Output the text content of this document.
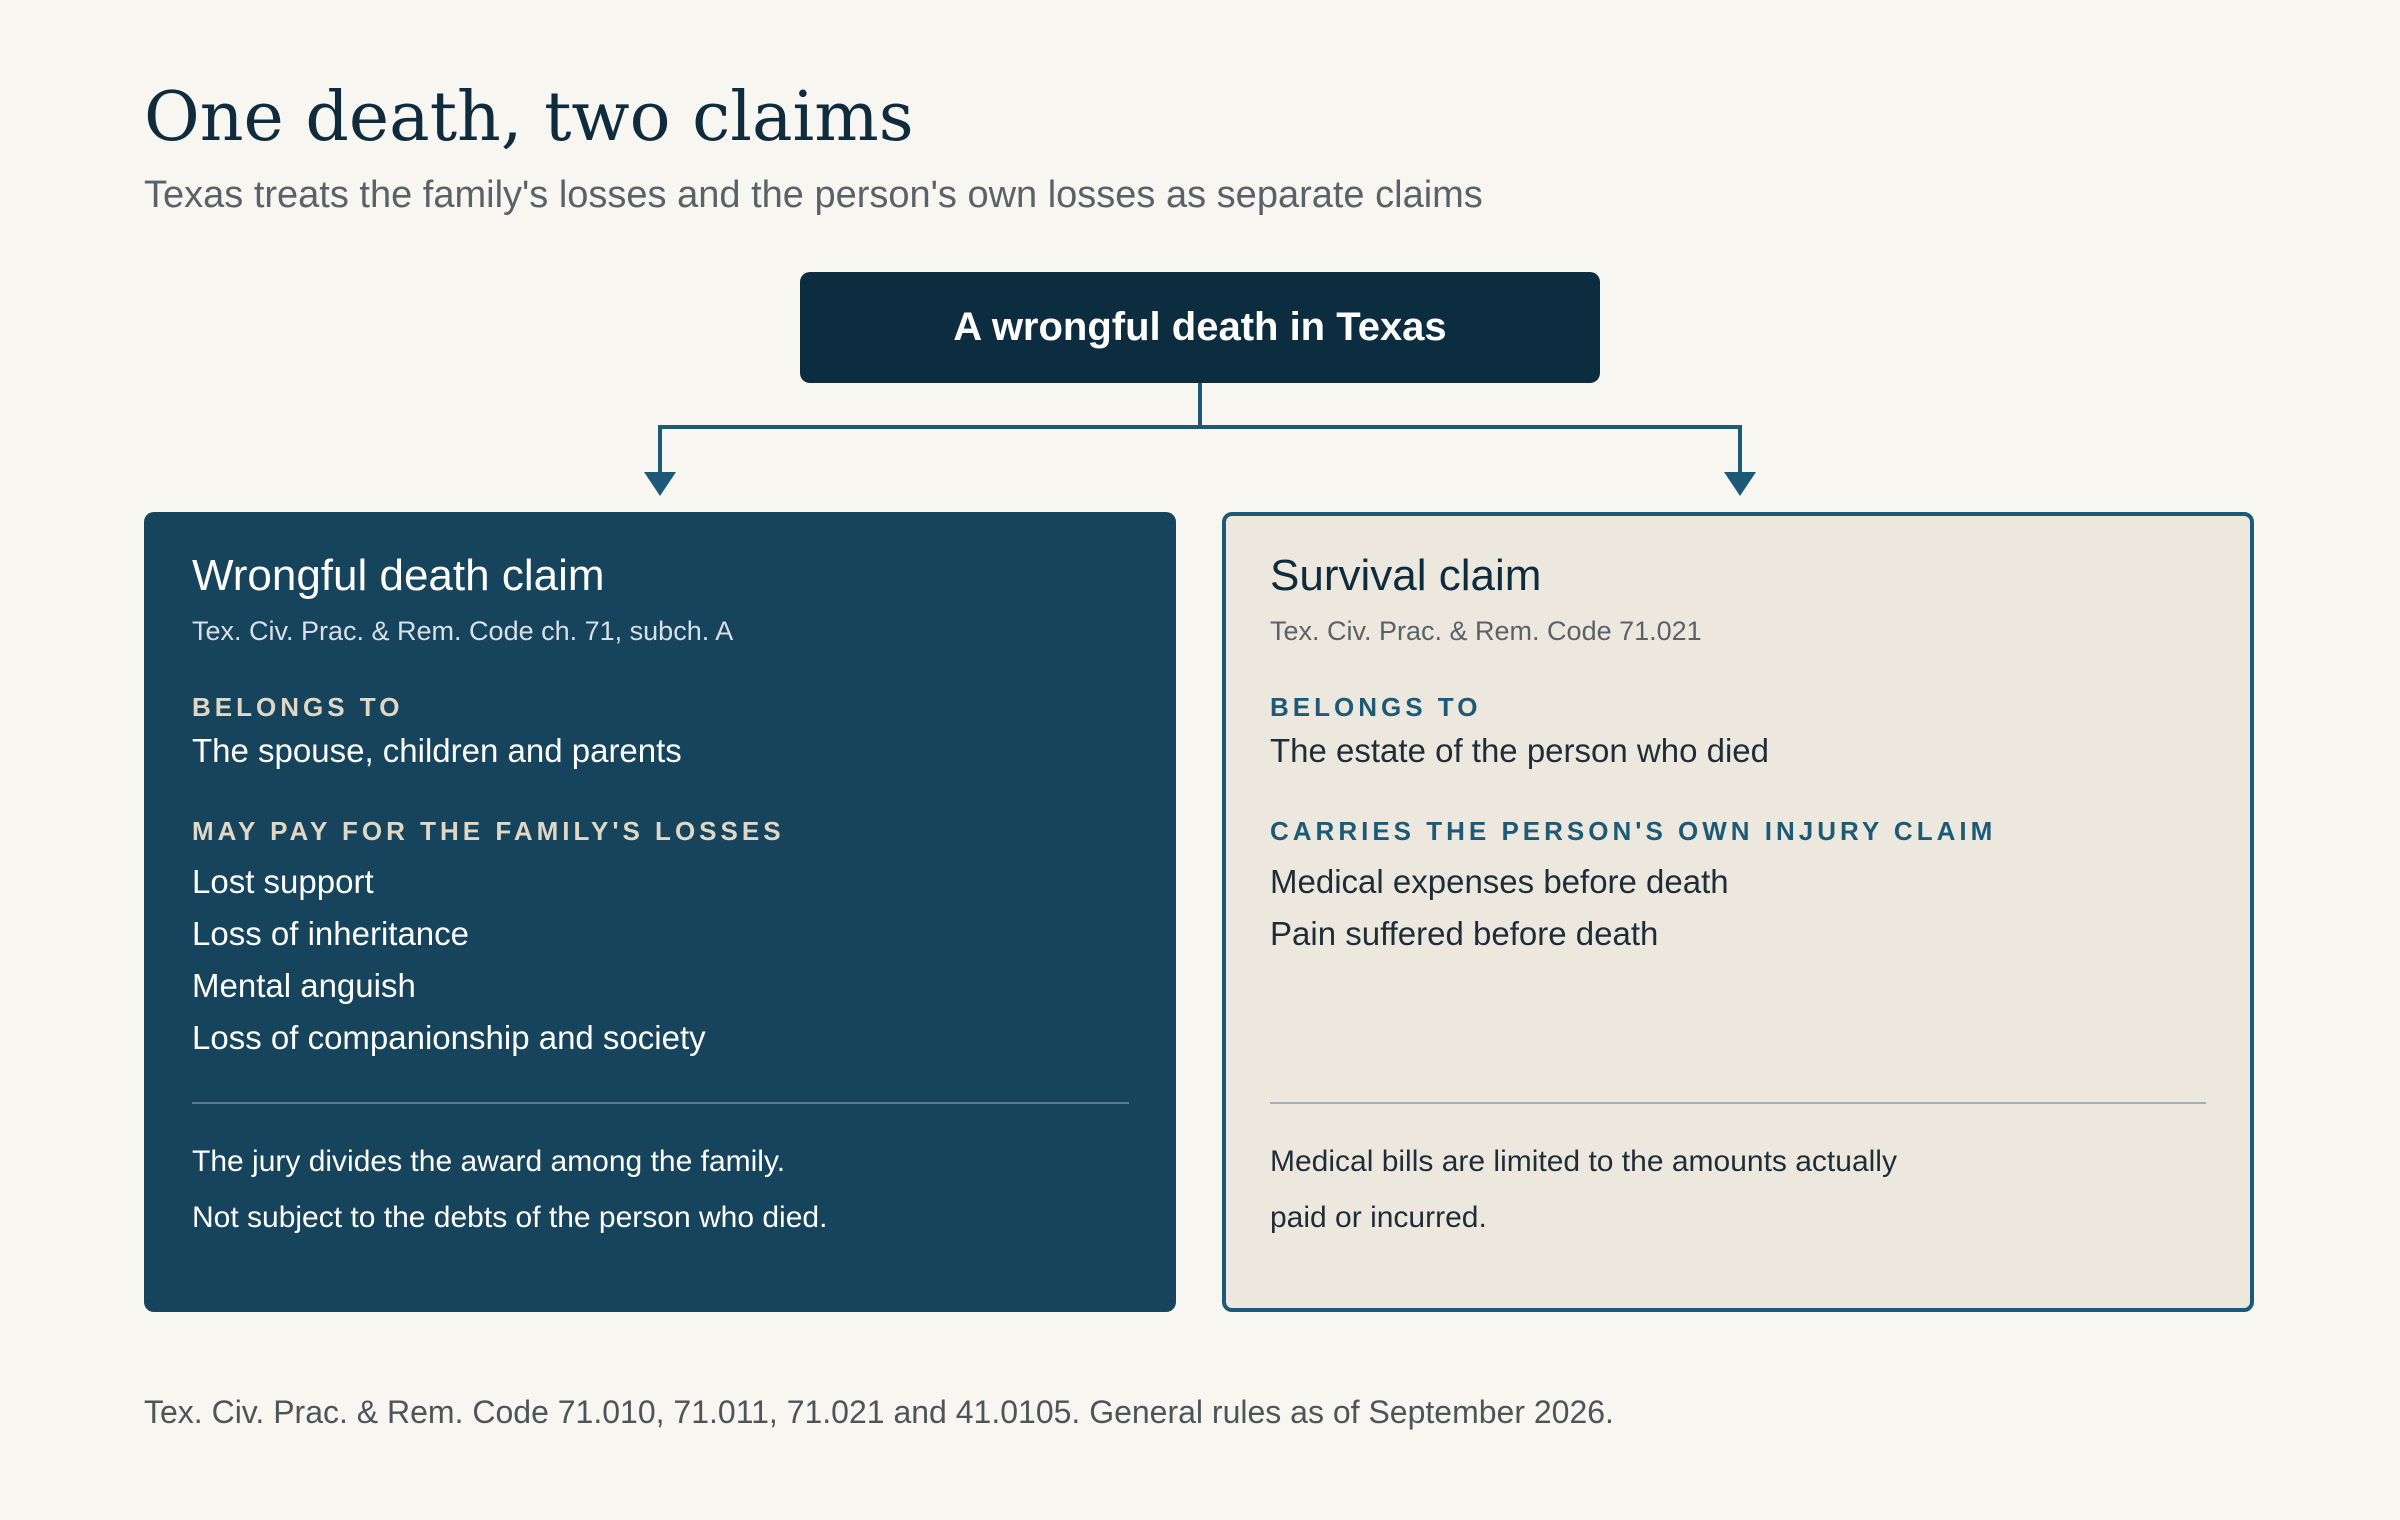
One death, two claims
Texas treats the family's losses and the person's own losses as separate claims
A wrongful death in Texas
Wrongful death claim
Tex. Civ. Prac. & Rem. Code ch. 71, subch. A
BELONGS TO
The spouse, children and parents
MAY PAY FOR THE FAMILY'S LOSSES
Lost support
Loss of inheritance
Mental anguish
Loss of companionship and society
The jury divides the award among the family.
Not subject to the debts of the person who died.
Survival claim
Tex. Civ. Prac. & Rem. Code 71.021
BELONGS TO
The estate of the person who died
CARRIES THE PERSON'S OWN INJURY CLAIM
Medical expenses before death
Pain suffered before death
Medical bills are limited to the amounts actually
paid or incurred.
Tex. Civ. Prac. & Rem. Code 71.010, 71.011, 71.021 and 41.0105. General rules as of September 2026.
